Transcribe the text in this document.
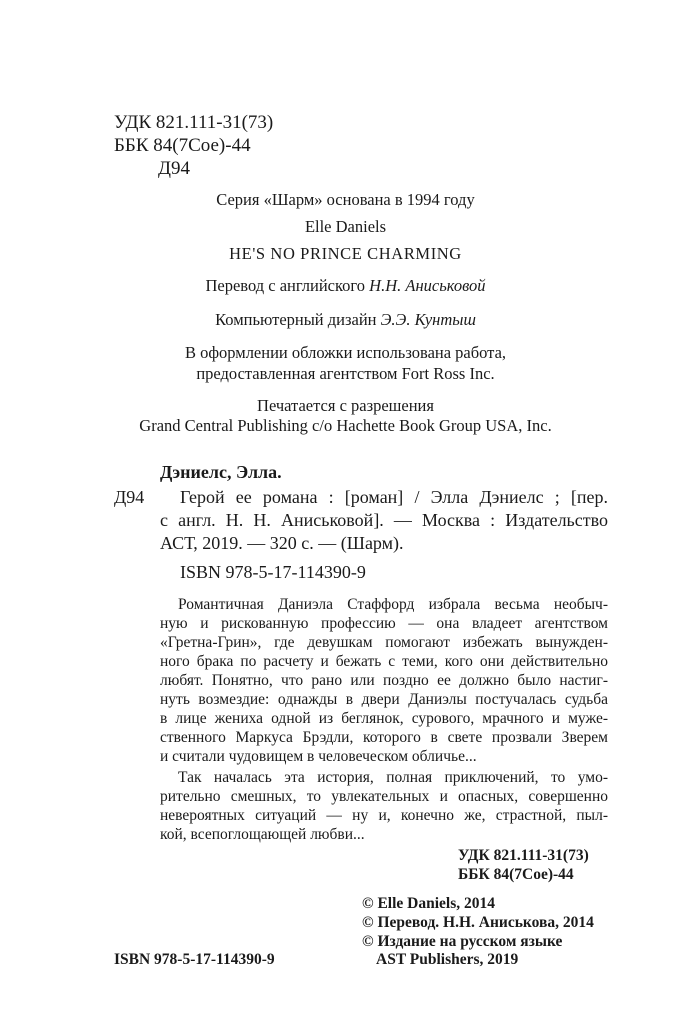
УДК 821.111-31(73)
ББК 84(7Сое)-44
Д94
Серия «Шарм» основана в 1994 году
Elle Daniels
HE'S NO PRINCE CHARMING
Перевод с английского Н.Н. Аниськовой
Компьютерный дизайн Э.Э. Кунтыш
В оформлении обложки использована работа,
предоставленная агентством Fort Ross Inc.
Печатается с разрешения
Grand Central Publishing c/o Hachette Book Group USA, Inc.
Дэниелс, Элла.
Д94 Герой ее романа : [роман] / Элла Дэниелс ; [пер.
с англ. Н. Н. Аниськовой]. — Москва : Издательство
АСТ, 2019. — 320 с. — (Шарм).
ISBN 978-5-17-114390-9
Романтичная Даниэла Стаффорд избрала весьма необыч-
ную и рискованную профессию — она владеет агентством
«Гретна-Грин», где девушкам помогают избежать вынужден-
ного брака по расчету и бежать с теми, кого они действительно
любят. Понятно, что рано или поздно ее должно было настиг-
нуть возмездие: однажды в двери Даниэлы постучалась судьба
в лице жениха одной из беглянок, сурового, мрачного и муже-
ственного Маркуса Брэдли, которого в свете прозвали Зверем
и считали чудовищем в человеческом обличье...
Так началась эта история, полная приключений, то умо-
рительно смешных, то увлекательных и опасных, совершенно
невероятных ситуаций — ну и, конечно же, страстной, пыл-
кой, всепоглощающей любви...
УДК 821.111-31(73)
ББК 84(7Сое)-44
© Elle Daniels, 2014
© Перевод. Н.Н. Аниськова, 2014
© Издание на русском языке
AST Publishers, 2019
ISBN 978-5-17-114390-9
